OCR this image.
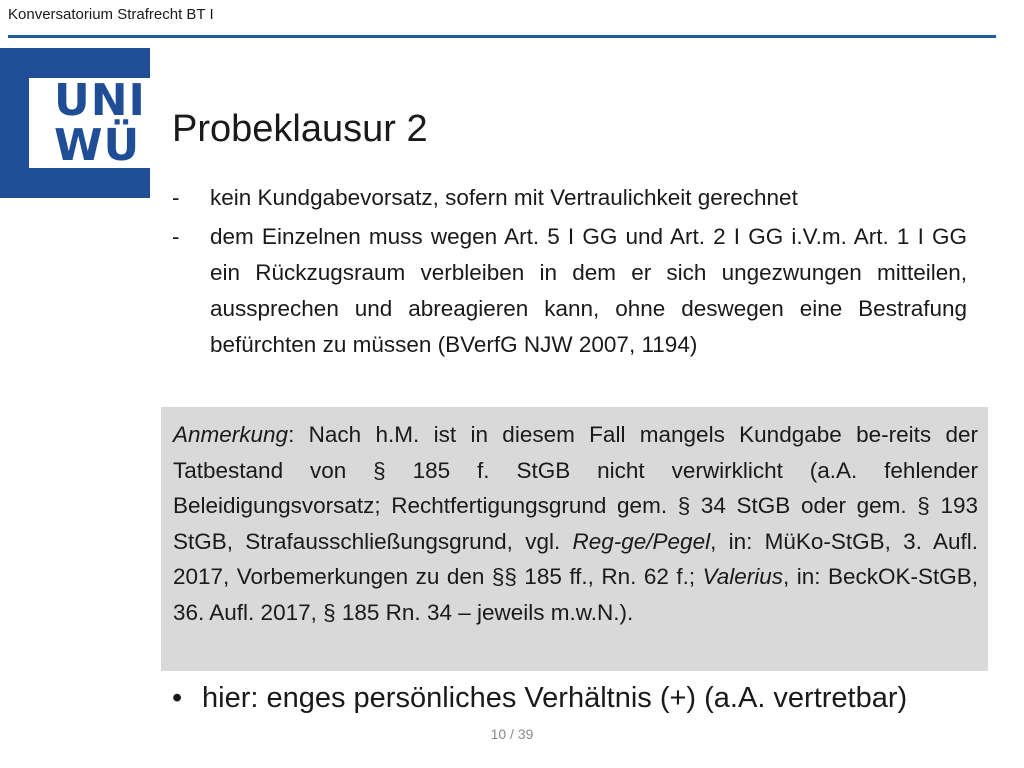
Konversatorium Strafrecht BT I
UNI
WÜ Probeklausur 2
-	kein Kundgabevorsatz, sofern mit Vertraulichkeit gerechnet
-	dem Einzelnen muss wegen Art. 5 I GG und Art. 2 I GG i.V.m. Art. 1 I GG ein Rückzugsraum verbleiben in dem er sich ungezwungen mitteilen, aussprechen und abreagieren kann, ohne deswegen eine Bestrafung befürchten zu müssen (BVerfG NJW 2007, 1194)
Anmerkung: Nach h.M. ist in diesem Fall mangels Kundgabe be-reits der Tatbestand von § 185 f. StGB nicht verwirklicht (a.A. fehlender Beleidigungsvorsatz; Rechtfertigungsgrund gem. § 34 StGB oder gem. § 193 StGB, Strafausschließungsgrund, vgl. Reg-ge/Pegel, in: MüKo-StGB, 3. Aufl. 2017, Vorbemerkungen zu den §§ 185 ff., Rn. 62 f.; Valerius, in: BeckOK-StGB, 36. Aufl. 2017, § 185 Rn. 34 – jeweils m.w.N.).
• hier: enges persönliches Verhältnis (+) (a.A. vertretbar)
10 / 39
